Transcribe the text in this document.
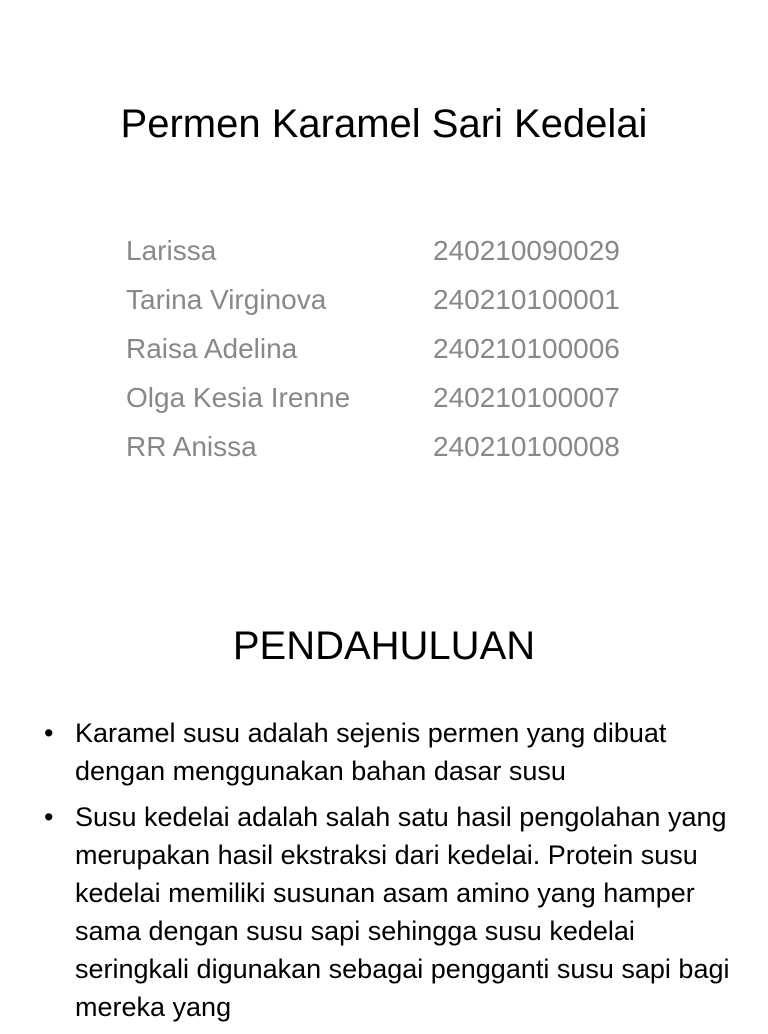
Permen Karamel Sari Kedelai
Larissa	240210090029
Tarina Virginova	240210100001
Raisa Adelina	240210100006
Olga Kesia Irenne	240210100007
RR Anissa	240210100008
PENDAHULUAN
• Karamel susu adalah sejenis permen yang dibuat dengan menggunakan bahan dasar susu
• Susu kedelai adalah salah satu hasil pengolahan yang merupakan hasil ekstraksi dari kedelai. Protein susu kedelai memiliki susunan asam amino yang hamper sama dengan susu sapi sehingga susu kedelai seringkali digunakan sebagai pengganti susu sapi bagi mereka yang
